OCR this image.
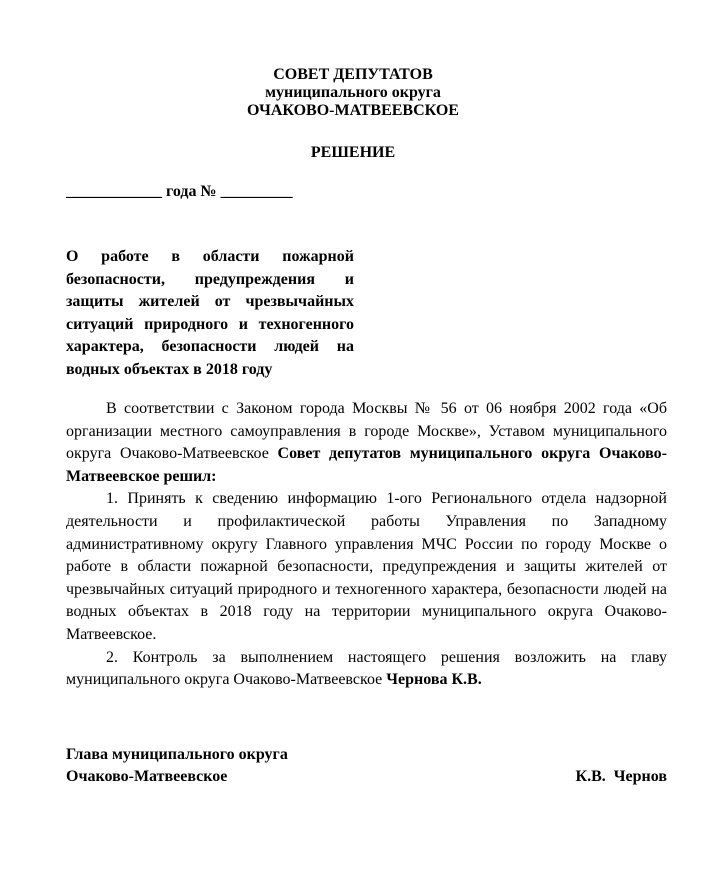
СОВЕТ ДЕПУТАТОВ
муниципального округа
ОЧАКОВО-МАТВЕЕВСКОЕ
РЕШЕНИЕ
____________ года № _________
О работе в области пожарной безопасности, предупреждения и защиты жителей от чрезвычайных ситуаций природного и техногенного характера, безопасности людей на водных объектах в 2018 году

В соответствии с Законом города Москвы № 56 от 06 ноября 2002 года «Об организации местного самоуправления в городе Москве», Уставом муниципального округа Очаково-Матвеевское Совет депутатов муниципального округа Очаково-Матвеевское решил:

1. Принять к сведению информацию 1-ого Регионального отдела надзорной деятельности и профилактической работы Управления по Западному административному округу Главного управления МЧС России по городу Москве о работе в области пожарной безопасности, предупреждения и защиты жителей от чрезвычайных ситуаций природного и техногенного характера, безопасности людей на водных объектах в 2018 году на территории муниципального округа Очаково-Матвеевское.

2. Контроль за выполнением настоящего решения возложить на главу муниципального округа Очаково-Матвеевское Чернова К.В.

Глава муниципального округа
Очаково-Матвеевское	К.В.  Чернов
